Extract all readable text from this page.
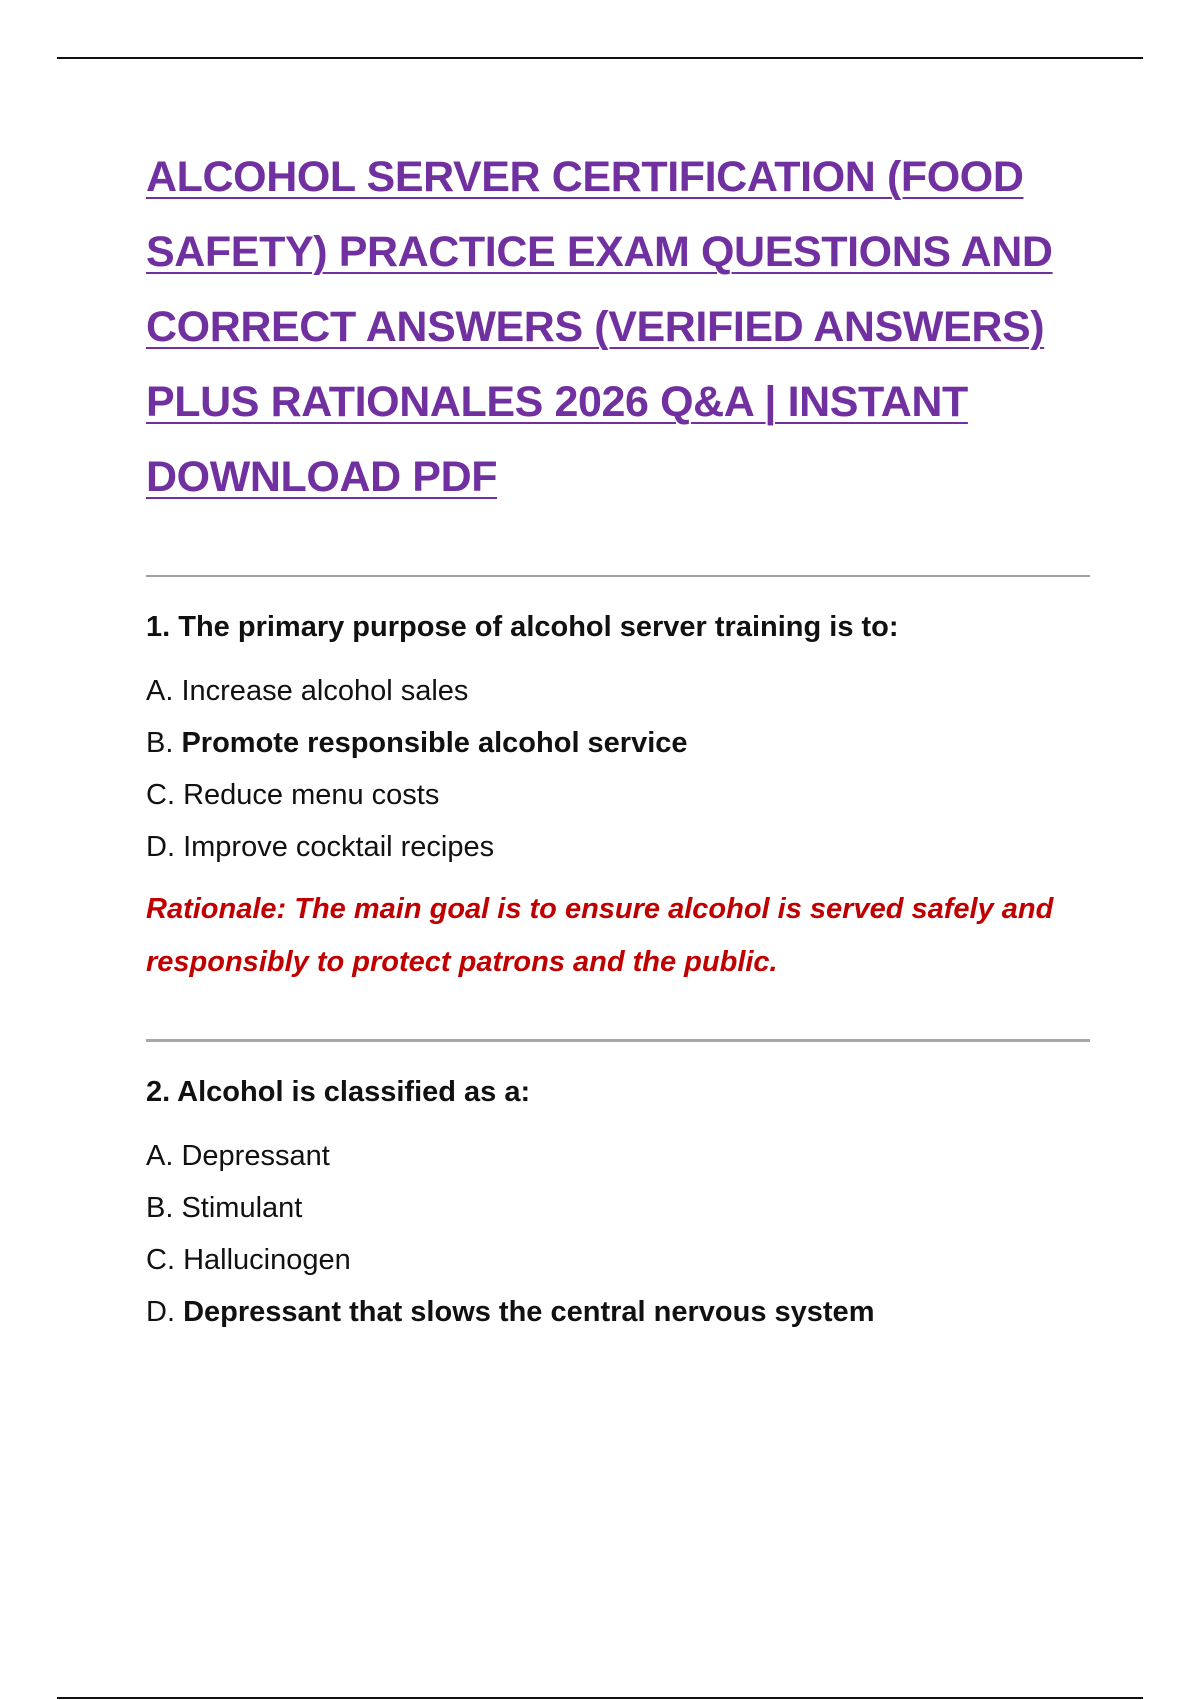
ALCOHOL SERVER CERTIFICATION (FOOD SAFETY) PRACTICE EXAM QUESTIONS AND CORRECT ANSWERS (VERIFIED ANSWERS) PLUS RATIONALES 2026 Q&A | INSTANT DOWNLOAD PDF

1. The primary purpose of alcohol server training is to:

A. Increase alcohol sales
B. Promote responsible alcohol service
C. Reduce menu costs
D. Improve cocktail recipes

Rationale: The main goal is to ensure alcohol is served safely and responsibly to protect patrons and the public.

2. Alcohol is classified as a:

A. Depressant
B. Stimulant
C. Hallucinogen
D. Depressant that slows the central nervous system
